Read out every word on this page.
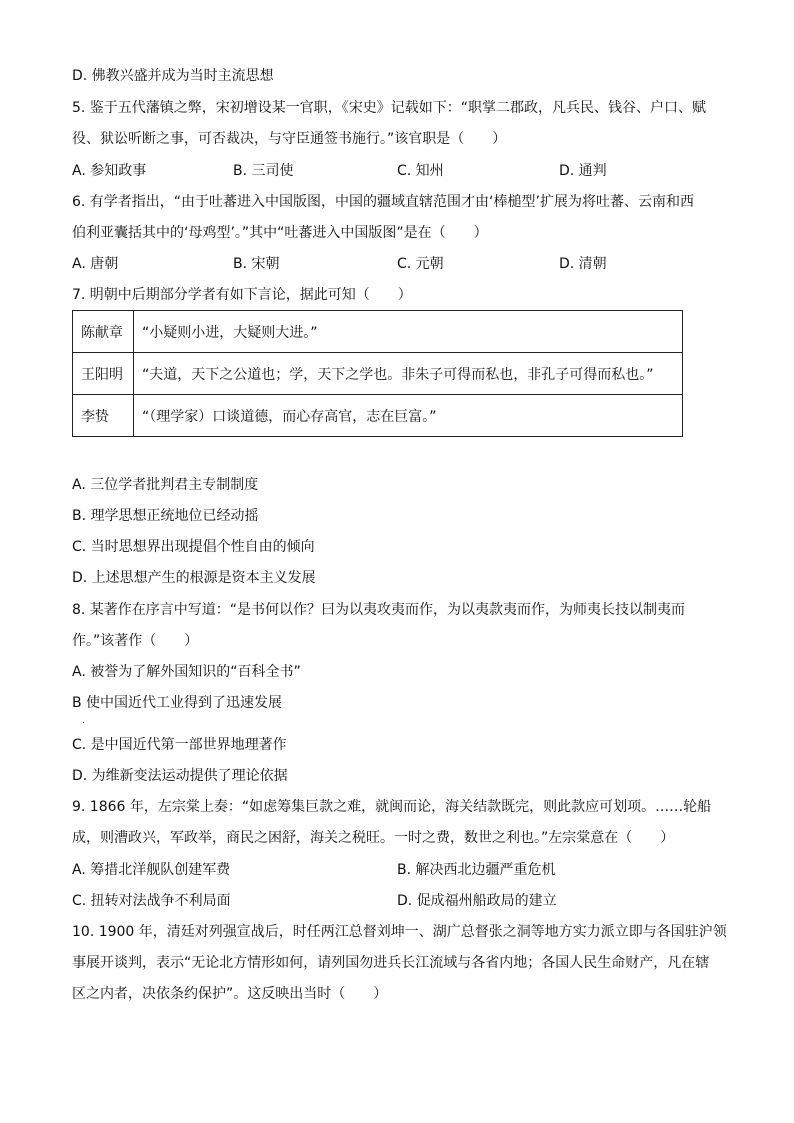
D. 佛教兴盛并成为当时主流思想
5. 鉴于五代藩镇之弊，宋初增设某一官职，《宋史》记载如下：“职掌二郡政，凡兵民、钱谷、户口、赋
役、狱讼听断之事，可否裁决，与守臣通签书施行。”该官职是（　　）
A. 参知政事	B. 三司使	C. 知州	D. 通判
6. 有学者指出，“由于吐蕃进入中国版图，中国的疆域直辖范围才由‘棒槌型’扩展为将吐蕃、云南和西
伯利亚囊括其中的‘母鸡型’。”其中“吐蕃进入中国版图”是在（　　）
A. 唐朝	B. 宋朝	C. 元朝	D. 清朝
7. 明朝中后期部分学者有如下言论，据此可知（　　）
陈献章	“小疑则小进，大疑则大进。”
王阳明	“夫道，天下之公道也；学，天下之学也。非朱子可得而私也，非孔子可得而私也。”
李贽	“（理学家）口谈道德，而心存高官，志在巨富。”
A. 三位学者批判君主专制制度
B. 理学思想正统地位已经动摇
C. 当时思想界出现提倡个性自由的倾向
D. 上述思想产生的根源是资本主义发展
8. 某著作在序言中写道：“是书何以作？曰为以夷攻夷而作，为以夷款夷而作，为师夷长技以制夷而
作。”该著作（　　）
A. 被誉为了解外国知识的“百科全书”
B 使中国近代工业得到了迅速发展
.
C. 是中国近代第一部世界地理著作
D. 为维新变法运动提供了理论依据
9. 1866 年，左宗棠上奏：“如虑筹集巨款之难，就闽而论，海关结款既完，则此款应可划项。……轮船
成，则漕政兴，军政举，商民之困舒，海关之税旺。一时之费，数世之利也。”左宗棠意在（　　）
A. 筹措北洋舰队创建军费	B. 解决西北边疆严重危机
C. 扭转对法战争不利局面	D. 促成福州船政局的建立
10. 1900 年，清廷对列强宣战后，时任两江总督刘坤一、湖广总督张之洞等地方实力派立即与各国驻沪领
事展开谈判，表示“无论北方情形如何，请列国勿进兵长江流域与各省内地；各国人民生命财产，凡在辖
区之内者，决依条约保护”。这反映出当时（　　）
